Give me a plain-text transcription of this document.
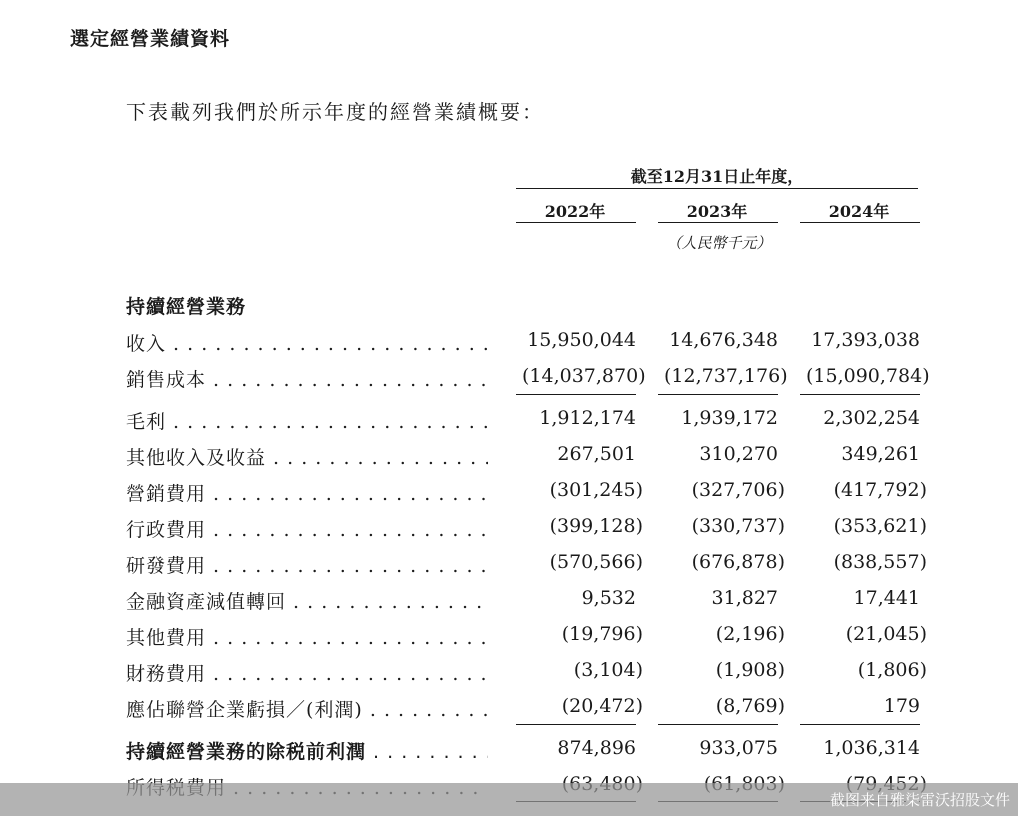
選定經營業績資料
下表載列我們於所示年度的經營業績概要：
截至12月31日止年度，
2022年	2023年	2024年
（人民幣千元）
持續經營業務
收入 . . .	15,950,044	14,676,348	17,393,038
銷售成本 . . .	(14,037,870) (12,737,176) (15,090,784)
毛利 . . .	1,912,174	1,939,172	2,302,254
其他收入及收益 . . .	267,501	310,270	349,261
營銷費用 . . .	(301,245)	(327,706)	(417,792)
行政費用 . . .	(399,128)	(330,737)	(353,621)
研發費用 . . .	(570,566)	(676,878)	(838,557)
金融資產減值轉回 . . .	9,532	31,827	17,441
其他費用 . . .	(19,796)	(2,196)	(21,045)
財務費用 . . .	(3,104)	(1,908)	(1,806)
應佔聯營企業虧損／(利潤) . . .	(20,472)	(8,769)	179
持續經營業務的除税前利潤 . . .	874,896	933,075	1,036,314
. . .
截图来自雅柒雷沃招股文件
